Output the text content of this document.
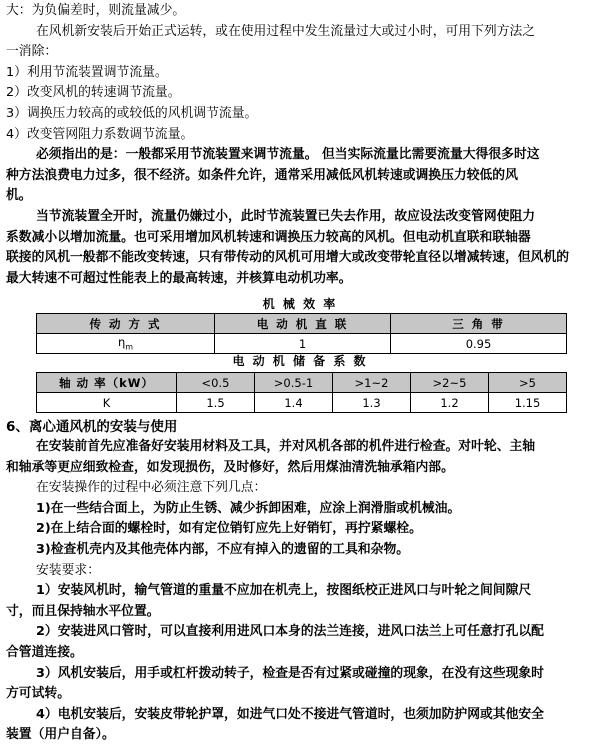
大：为负偏差时，则流量减少。
在风机新安装后开始正式运转，或在使用过程中发生流量过大或过小时，可用下列方法之
一消除：
1）利用节流装置调节流量。
2）改变风机的转速调节流量。
3）调换压力较高的或较低的风机调节流量。
4）改变管网阻力系数调节流量。
必须指出的是：一般都采用节流装置来调节流量。 但当实际流量比需要流量大得很多时这
种方法浪费电力过多，很不经济。如条件允许，通常采用减低风机转速或调换压力较低的风
机。
当节流装置全开时，流量仍嫌过小，此时节流装置已失去作用，故应设法改变管网使阻力
系数减小以增加流量。也可采用增加风机转速和调换压力较高的风机。但电动机直联和联轴器
联接的风机一般都不能改变转速，只有带传动的风机可用增大或改变带轮直径以增减转速，但风机的
最大转速不可超过性能表上的最高转速，并核算电动机功率。
机 械 效 率
传 动 方 式	电 动 机 直 联	三 角 带
$\eta_m$	1	0.95
电 动 机 储 备 系 数
轴 动 率（kW）	<0.5	>0.5-1	>1~2	>2~5	>5
K	1.5	1.4	1.3	1.2	1.15
6、离心通风机的安装与使用
在安装前首先应准备好安装用材料及工具，并对风机各部的机件进行检查。对叶轮、主轴
和轴承等更应细致检查，如发现损伤，及时修好，然后用煤油清洗轴承箱内部。
在安装操作的过程中必须注意下列几点：
1)在一些结合面上，为防止生锈、减少拆卸困难，应涂上润滑脂或机械油。
2)在上结合面的螺栓时，如有定位销钉应先上好销钉，再拧紧螺栓。
3)检查机壳内及其他壳体内部，不应有掉入的遗留的工具和杂物。
安装要求：
1）安装风机时，输气管道的重量不应加在机壳上，按图纸校正进风口与叶轮之间间隙尺
寸，而且保持轴水平位置。
2）安装进风口管时，可以直接利用进风口本身的法兰连接，进风口法兰上可任意打孔以配
合管道连接。
3）风机安装后，用手或杠杆拨动转子，检查是否有过紧或碰撞的现象，在没有这些现象时
方可试转。
4）电机安装后，安装皮带轮护罩，如进气口处不接进气管道时，也须加防护网或其他安全
装置（用户自备）。
